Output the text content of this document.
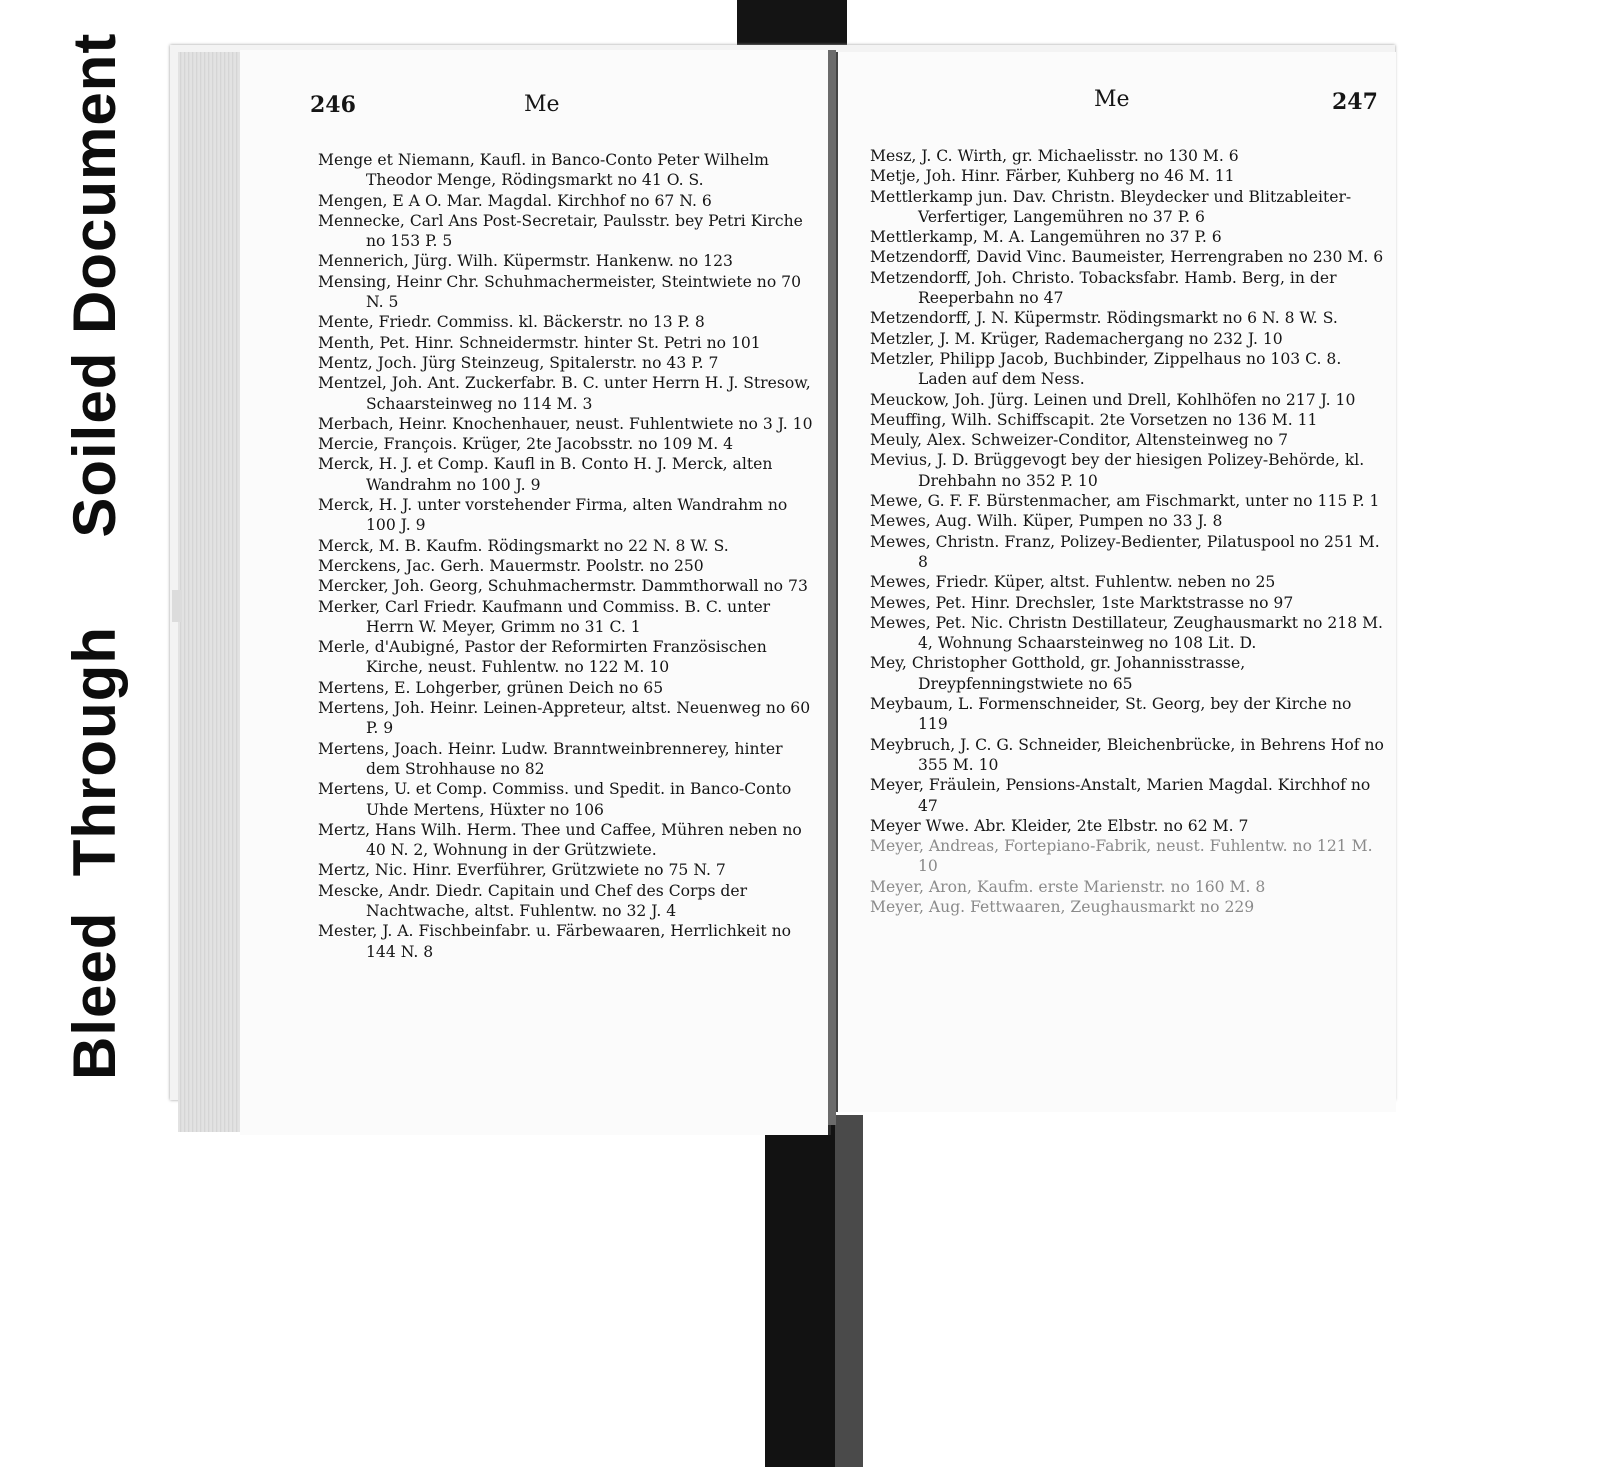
Bleed  Through     Soiled Document	246	Me
Menge et Niemann, Kaufl. in Banco-Conto Peter Wilhelm Theodor Menge, Rödingsmarkt no 41 O. S.
Mengen, E A O. Mar. Magdal. Kirchhof no 67 N. 6
Mennecke, Carl Ans Post-Secretair, Paulsstr. bey Petri Kirche no 153 P. 5
Mennerich, Jürg. Wilh. Küpermstr. Hankenw. no 123
Mensing, Heinr Chr. Schuhmachermeister, Steintwiete no 70 N. 5
Mente, Friedr. Commiss. kl. Bäckerstr. no 13 P. 8
Menth, Pet. Hinr. Schneidermstr. hinter St. Petri no 101
Mentz, Joch. Jürg Steinzeug, Spitalerstr. no 43 P. 7
Mentzel, Joh. Ant. Zuckerfabr. B. C. unter Herrn H. J. Stresow, Schaarsteinweg no 114 M. 3
Merbach, Heinr. Knochenhauer, neust. Fuhlentwiete no 3 J. 10
Mercie, François. Krüger, 2te Jacobsstr. no 109 M. 4
Merck, H. J. et Comp. Kaufl in B. Conto H. J. Merck, alten Wandrahm no 100 J. 9
Merck, H. J. unter vorstehender Firma, alten Wandrahm no 100 J. 9
Merck, M. B. Kaufm. Rödingsmarkt no 22 N. 8 W. S.
Merckens, Jac. Gerh. Mauermstr. Poolstr. no 250
Mercker, Joh. Georg, Schuhmachermstr. Dammthorwall no 73
Merker, Carl Friedr. Kaufmann und Commiss. B. C. unter Herrn W. Meyer, Grimm no 31 C. 1
Merle, d'Aubigné, Pastor der Reformirten Französischen Kirche, neust. Fuhlentw. no 122 M. 10
Mertens, E. Lohgerber, grünen Deich no 65
Mertens, Joh. Heinr. Leinen-Appreteur, altst. Neuenweg no 60 P. 9
Mertens, Joach. Heinr. Ludw. Branntweinbrennerey, hinter dem Strohhause no 82
Mertens, U. et Comp. Commiss. und Spedit. in Banco-Conto Uhde Mertens, Hüxter no 106
Mertz, Hans Wilh. Herm. Thee und Caffee, Mühren neben no 40 N. 2, Wohnung in der Grützwiete.
Mertz, Nic. Hinr. Everführer, Grützwiete no 75 N. 7
Mescke, Andr. Diedr. Capitain und Chef des Corps der Nachtwache, altst. Fuhlentw. no 32 J. 4
Mester, J. A. Fischbeinfabr. u. Färbewaaren, Herrlichkeit no 144 N. 8
Me	247
Mesz, J. C. Wirth, gr. Michaelisstr. no 130 M. 6
Metje, Joh. Hinr. Färber, Kuhberg no 46 M. 11
Mettlerkamp jun. Dav. Christn. Bleydecker und Blitzableiter-Verfertiger, Langemühren no 37 P. 6
Mettlerkamp, M. A. Langemühren no 37 P. 6
Metzendorff, David Vinc. Baumeister, Herrengraben no 230 M. 6
Metzendorff, Joh. Christo. Tobacksfabr. Hamb. Berg, in der Reeperbahn no 47
Metzendorff, J. N. Küpermstr. Rödingsmarkt no 6 N. 8 W. S.
Metzler, J. M. Krüger, Rademachergang no 232 J. 10
Metzler, Philipp Jacob, Buchbinder, Zippelhaus no 103 C. 8. Laden auf dem Ness.
Meuckow, Joh. Jürg. Leinen und Drell, Kohlhöfen no 217 J. 10
Meuffing, Wilh. Schiffscapit. 2te Vorsetzen no 136 M. 11
Meuly, Alex. Schweizer-Conditor, Altensteinweg no 7
Mevius, J. D. Brüggevogt bey der hiesigen Polizey-Behörde, kl. Drehbahn no 352 P. 10
Mewe, G. F. F. Bürstenmacher, am Fischmarkt, unter no 115 P. 1
Mewes, Aug. Wilh. Küper, Pumpen no 33 J. 8
Mewes, Christn. Franz, Polizey-Bedienter, Pilatuspool no 251 M. 8
Mewes, Friedr. Küper, altst. Fuhlentw. neben no 25
Mewes, Pet. Hinr. Drechsler, 1ste Marktstrasse no 97
Mewes, Pet. Nic. Christn Destillateur, Zeughausmarkt no 218 M. 4, Wohnung Schaarsteinweg no 108 Lit. D.
Mey, Christopher Gotthold, gr. Johannisstrasse, Dreypfenningstwiete no 65
Meybaum, L. Formenschneider, St. Georg, bey der Kirche no 119
Meybruch, J. C. G. Schneider, Bleichenbrücke, in Behrens Hof no 355 M. 10
Meyer, Fräulein, Pensions-Anstalt, Marien Magdal. Kirchhof no 47
Meyer Wwe. Abr. Kleider, 2te Elbstr. no 62 M. 7
Meyer, Andreas, Fortepiano-Fabrik, neust. Fuhlentw. no 121 M. 10
Meyer, Aron, Kaufm. erste Marienstr. no 160 M. 8
Meyer, Aug. Fettwaaren, Zeughausmarkt no 229
